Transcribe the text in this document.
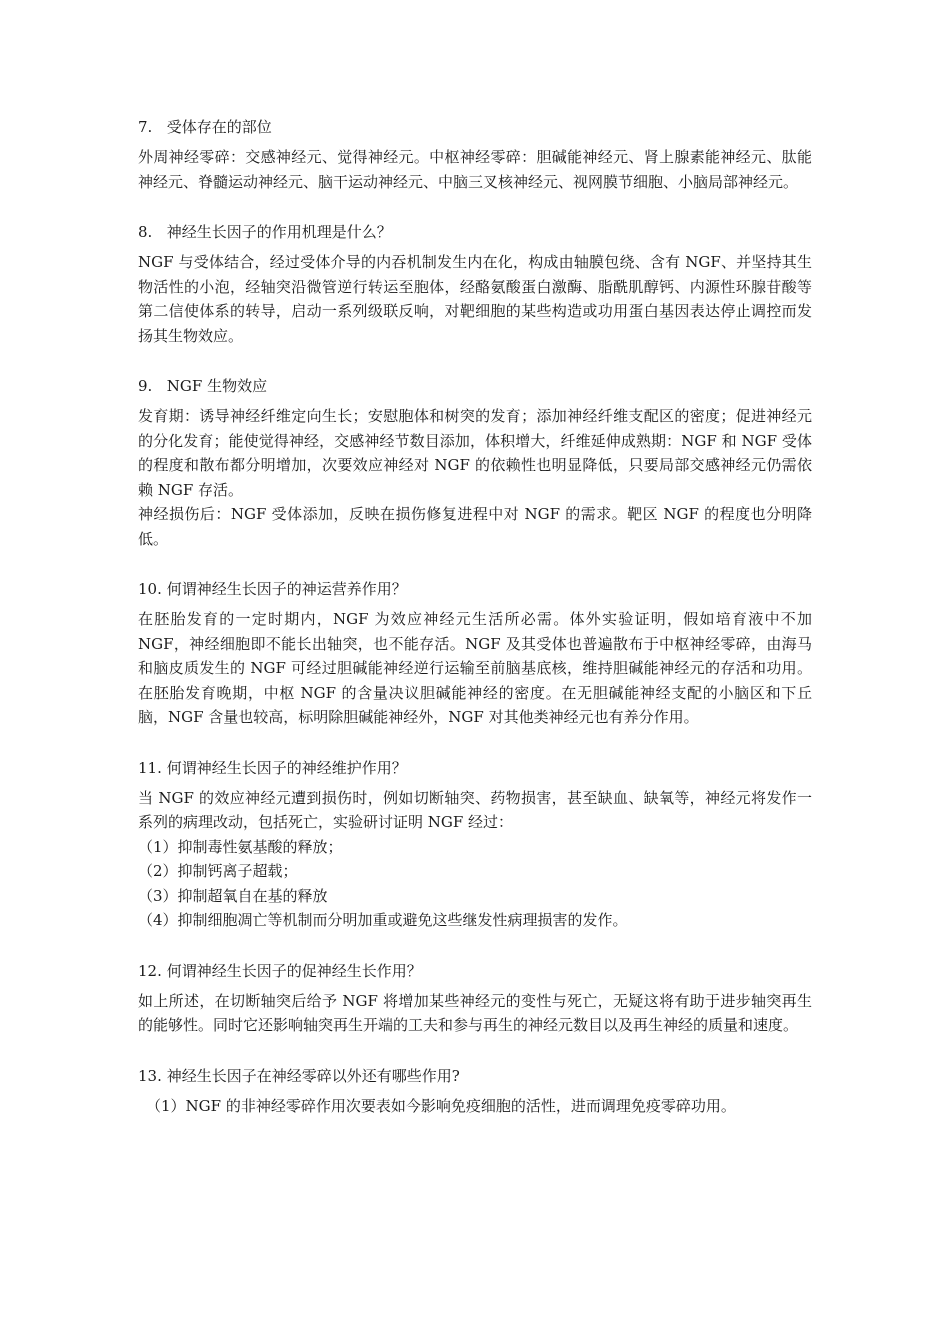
7. 受体存在的部位

外周神经零碎：交感神经元、觉得神经元。中枢神经零碎：胆碱能神经元、肾上腺素能神经元、肽能神经元、脊髓运动神经元、脑干运动神经元、中脑三叉核神经元、视网膜节细胞、小脑局部神经元。

8. 神经生长因子的作用机理是什么？

NGF 与受体结合，经过受体介导的内吞机制发生内在化，构成由轴膜包绕、含有 NGF、并坚持其生物活性的小泡，经轴突沿微管逆行转运至胞体，经酪氨酸蛋白激酶、脂酰肌醇钙、内源性环腺苷酸等第二信使体系的转导，启动一系列级联反响，对靶细胞的某些构造或功用蛋白基因表达停止调控而发扬其生物效应。

9. NGF 生物效应

发育期：诱导神经纤维定向生长；安慰胞体和树突的发育；添加神经纤维支配区的密度；促进神经元的分化发育；能使觉得神经，交感神经节数目添加，体积增大，纤维延伸成熟期：NGF 和 NGF 受体的程度和散布都分明增加，次要效应神经对 NGF 的依赖性也明显降低，只要局部交感神经元仍需依赖 NGF 存活。

神经损伤后：NGF 受体添加，反映在损伤修复进程中对 NGF 的需求。靶区 NGF 的程度也分明降低。

10. 何谓神经生长因子的神运营养作用？

在胚胎发育的一定时期内，NGF 为效应神经元生活所必需。体外实验证明，假如培育液中不加 NGF，神经细胞即不能长出轴突，也不能存活。NGF 及其受体也普遍散布于中枢神经零碎，由海马和脑皮质发生的 NGF 可经过胆碱能神经逆行运输至前脑基底核，维持胆碱能神经元的存活和功用。在胚胎发育晚期，中枢 NGF 的含量决议胆碱能神经的密度。在无胆碱能神经支配的小脑区和下丘脑，NGF 含量也较高，标明除胆碱能神经外，NGF 对其他类神经元也有养分作用。

11. 何谓神经生长因子的神经维护作用？

当 NGF 的效应神经元遭到损伤时，例如切断轴突、药物损害，甚至缺血、缺氧等，神经元将发作一系列的病理改动，包括死亡，实验研讨证明 NGF 经过：

（1）抑制毒性氨基酸的释放；
（2）抑制钙离子超载；
（3）抑制超氧自在基的释放
（4）抑制细胞凋亡等机制而分明加重或避免这些继发性病理损害的发作。
12. 何谓神经生长因子的促神经生长作用？

如上所述，在切断轴突后给予 NGF 将增加某些神经元的变性与死亡，无疑这将有助于进步轴突再生的能够性。同时它还影响轴突再生开端的工夫和参与再生的神经元数目以及再生神经的质量和速度。

13. 神经生长因子在神经零碎以外还有哪些作用?
（1）NGF 的非神经零碎作用次要表如今影响免疫细胞的活性，进而调理免疫零碎功用。
